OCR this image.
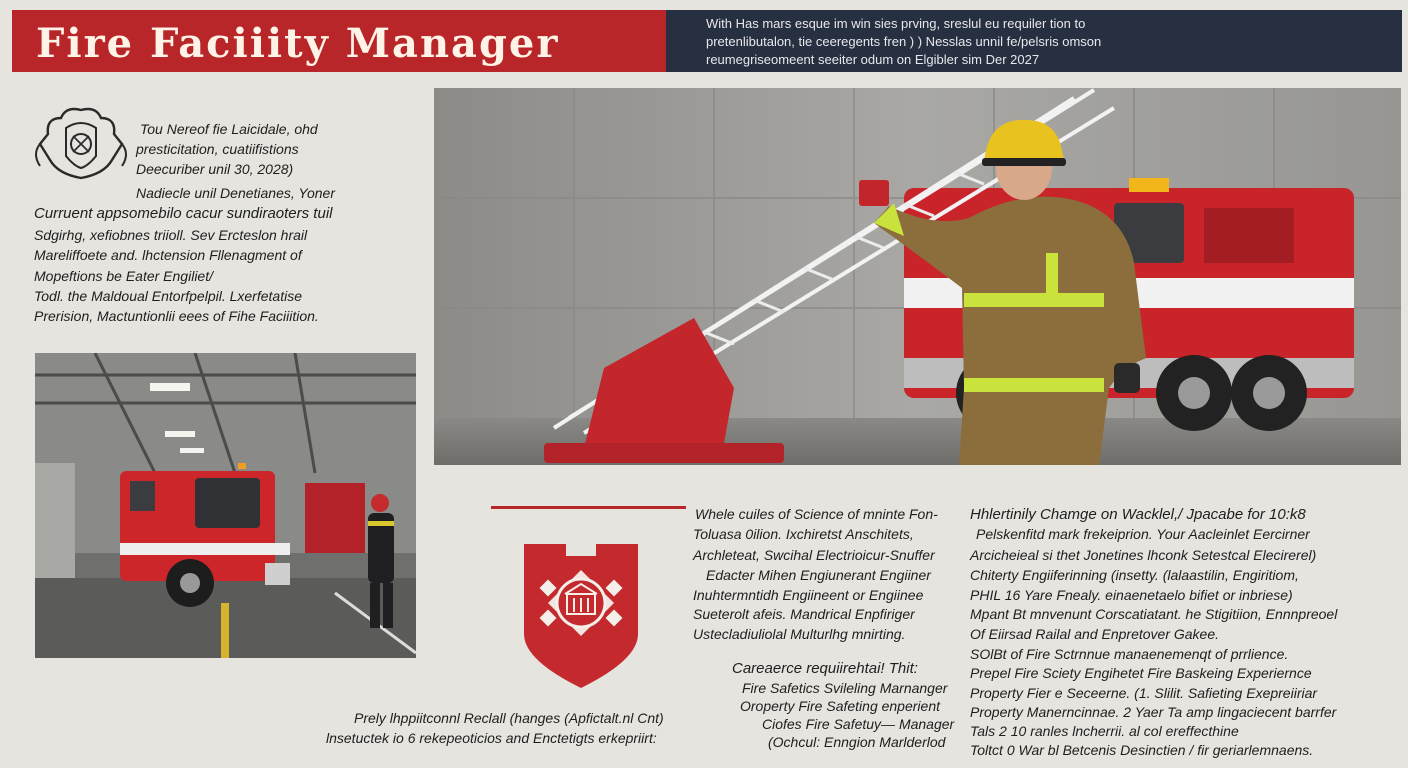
Fire Faciiity Manager	With Has mars esque im win sies prving, sreslul eu requiler tion to

pretenlibutalon, tie ceeregents fren ) ) Nesslas unnil fe/pelsris omson

reumegriseomeent seeiter odum on Elgibler sim Der 2027

Tou Nereof fie Laicidale, ohd

presticitation, cuatiifistions

Deecuriber unil 30, 2028)

Nadiecle unil Denetianes, Yoner

Curruent appsomebilo cacur sundiraoters tuil

Sdgirhg, xefiobnes triioll. Sev Ercteslon hrail

Mareliffoete and. lhctension Fllenagment of

Mopeftions be Eater Engiliet/

Todl. the Maldoual Entorfpelpil. Lxerfetatise

Prerision, Mactuntionlii eees of Fihe Faciiition.

Whele cuiles of Science of mninte Fon-

Toluasa 0ilion. Ixchiretst Anschitets,

Archleteat, Swcihal Electrioicur-Snuffer

Edacter Mihen Engiunerant Engiiner

Inuhtermntidh Engiineent or Engiinee

Sueterolt afeis. Mandrical Enpfiriger

Ustecladiuliolal Multurlhg mnirting.

Careaerce requiirehtai! Thit:

Fire Safetics Svileling Marnanger

Oroperty Fire Safeting enperient

Ciofes Fire Safetuy— Manager

(Ochcul: Enngion Marlderlod

Prely lhppiitconnl Reclall (hanges (Apfictalt.nl Cnt)

lnsetuctek io 6 rekepeoticios and Enctetigts erkepriirt:

Hhlertinily Chamge on Wacklel,/ Jpacabe for 10:k8

Pelskenfitd mark frekeiprion. Your Aacleinlet Eercirner

Arcicheieal si thet Jonetines lhconk Setestcal Elecirerel)

Chiterty Engiiferinning (insetty. (lalaastilin, Engiritiom,

PHIL 16 Yare Fnealy. einaenetaelo bifiet or inbriese)

Mpant Bt mnvenunt Corscatiatant. he Stigitiion, Ennnpreoel

Of Eiirsad Railal and Enpretover Gakee.

SOlBt of Fire Sctrnnue manaenemenqt of prrlience.

Prepel Fire Sciety Engihetet Fire Baskeing Experiernce

Property Fier e Seceerne. (1. Slilit. Safieting Exepreiiriar

Property Manerncinnae. 2 Yaer Ta amp lingaciecent barrfer

Tals 2 10 ranles lncherrii. al col ereffecthine

Toltct 0 War bl Betcenis Desinctien / fir geriarlemnaens.
